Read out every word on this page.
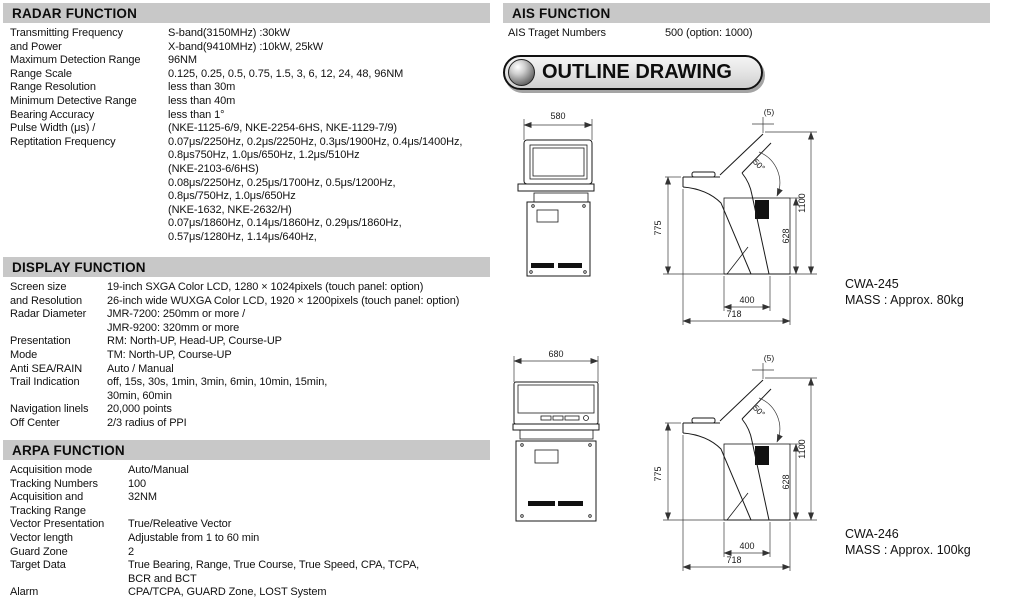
RADAR FUNCTION
Transmitting Frequency	S-band(3150MHz) :30kW
and Power	X-band(9410MHz) :10kW, 25kW
Maximum Detection Range	96NM
Range Scale	0.125, 0.25, 0.5, 0.75, 1.5, 3, 6, 12, 24, 48, 96NM
Range Resolution	less than 30m
Minimum Detective Range	less than 40m
Bearing Accuracy	less than 1°
Pulse Width (μs) /	(NKE-1125-6/9, NKE-2254-6HS, NKE-1129-7/9)
Reptitation Frequency	0.07μs/2250Hz, 0.2μs/2250Hz, 0.3μs/1900Hz, 0.4μs/1400Hz,
0.8μs750Hz, 1.0μs/650Hz, 1.2μs/510Hz
(NKE-2103-6/6HS)
0.08μs/2250Hz, 0.25μs/1700Hz, 0.5μs/1200Hz,
0.8μs/750Hz, 1.0μs/650Hz
(NKE-1632, NKE-2632/H)
0.07μs/1860Hz, 0.14μs/1860Hz, 0.29μs/1860Hz,
0.57μs/1280Hz, 1.14μs/640Hz,
DISPLAY FUNCTION
Screen size	19-inch SXGA Color LCD, 1280 × 1024pixels (touch panel: option)
and Resolution	26-inch wide WUXGA Color LCD, 1920 × 1200pixels (touch panel: option)
Radar Diameter	JMR-7200: 250mm or more /
JMR-9200: 320mm or more
Presentation	RM: North-UP, Head-UP, Course-UP
Mode	TM: North-UP, Course-UP
Anti SEA/RAIN	Auto / Manual
Trail Indication	off, 15s, 30s, 1min, 3min, 6min, 10min, 15min,
30min, 60min
Navigation linels	20,000 points
Off Center	2/3 radius of PPI
ARPA FUNCTION
Acquisition mode	Auto/Manual
Tracking Numbers	100
Acquisition and	32NM
Tracking Range
Vector Presentation	True/Releative Vector
Vector length	Adjustable from 1 to 60 min
Guard Zone	2
Target Data	True Bearing, Range, True Course, True Speed, CPA, TCPA,
BCR and BCT
Alarm	CPA/TCPA, GUARD Zone, LOST System
AIS FUNCTION
AIS Traget Numbers	500 (option: 1000)
OUTLINE DRAWING
580
775
1100
628
(5)
50°
400
718
CWA-245
MASS : Approx. 80kg
680
775
1100
628
(5)
50°
400
718
CWA-246
MASS : Approx. 100kg
